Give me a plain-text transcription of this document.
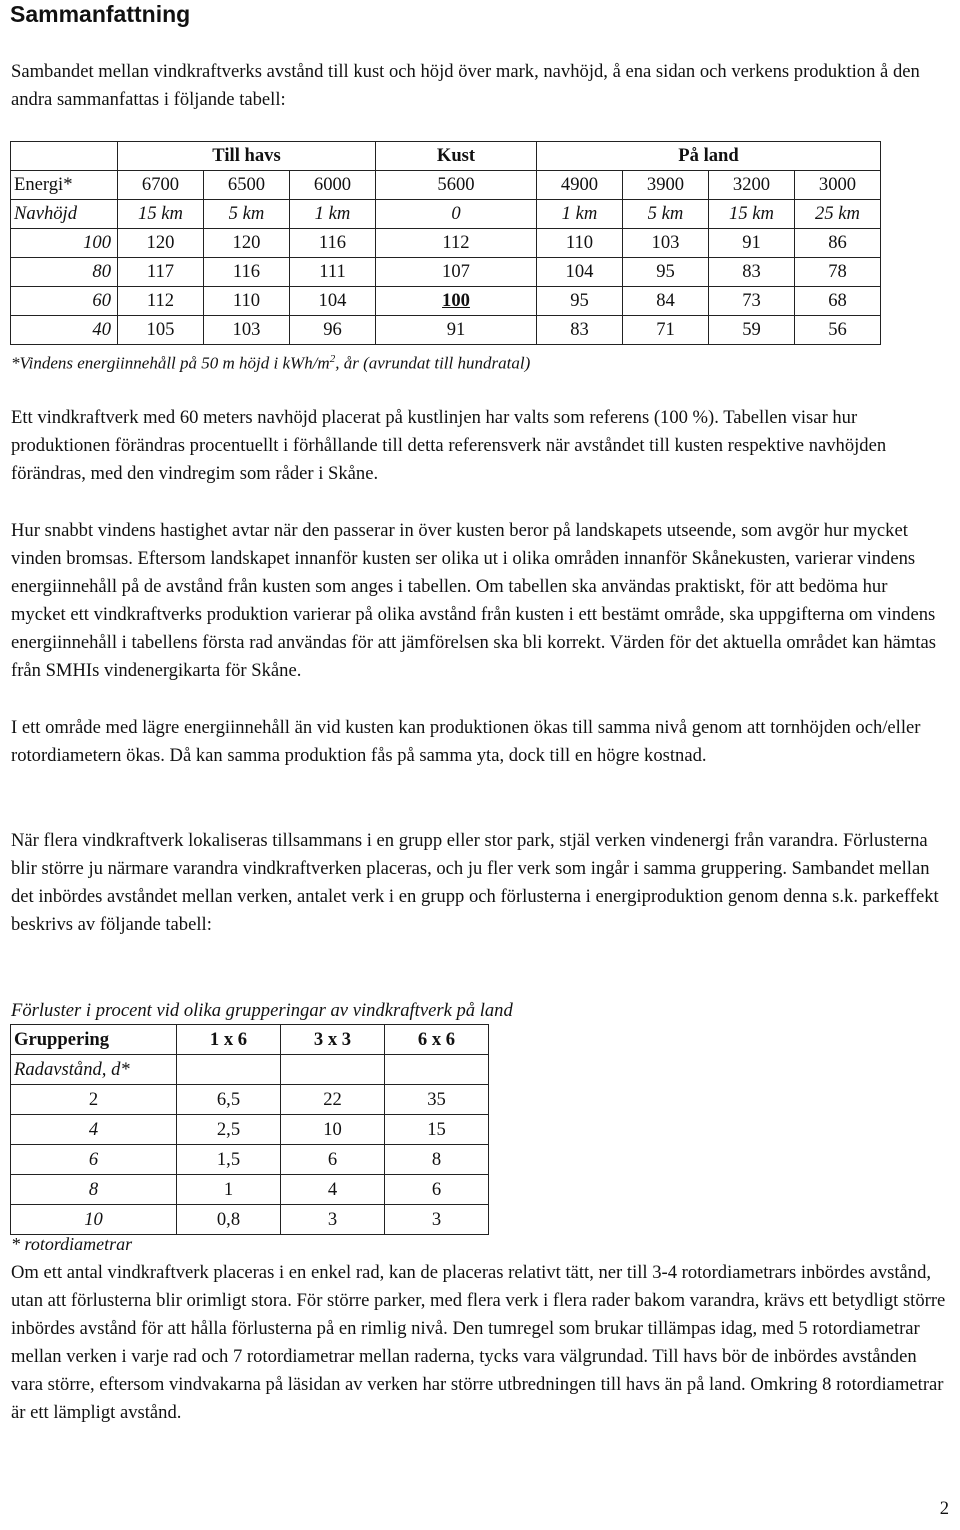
Sammanfattning

Sambandet mellan vindkraftverks avstånd till kust och höjd över mark, navhöjd, å ena sidan och verkens produktion å den andra sammanfattas i följande tabell:

	Till havs			Kust	På land			
Energi*	6700	6500	6000	5600	4900	3900	3200	3000
Navhöjd	15 km	5 km	1 km	0	1 km	5 km	15 km	25 km
100	120	120	116	112	110	103	91	86
80	117	116	111	107	104	95	83	78
60	112	110	104	100	95	84	73	68
40	105	103	96	91	83	71	59	56
*Vindens energiinnehåll på 50 m höjd i kWh/$m^2$, år (avrundat till hundratal)

Ett vindkraftverk med 60 meters navhöjd placerat på kustlinjen har valts som referens (100 %). Tabellen visar hur produktionen förändras procentuellt i förhållande till detta referensverk när avståndet till kusten respektive navhöjden förändras, med den vindregim som råder i Skåne.

Hur snabbt vindens hastighet avtar när den passerar in över kusten beror på landskapets utseende, som avgör hur mycket vinden bromsas. Eftersom landskapet innanför kusten ser olika ut i olika områden innanför Skånekusten, varierar vindens energiinnehåll på de avstånd från kusten som anges i tabellen. Om tabellen ska användas praktiskt, för att bedöma hur mycket ett vindkraftverks produktion varierar på olika avstånd från kusten i ett bestämt område, ska uppgifterna om vindens energiinnehåll i tabellens första rad användas för att jämförelsen ska bli korrekt. Värden för det aktuella området kan hämtas från SMHIs vindenergikarta för Skåne.

I ett område med lägre energiinnehåll än vid kusten kan produktionen ökas till samma nivå genom att tornhöjden och/eller rotordiametern ökas. Då kan samma produktion fås på samma yta, dock till en högre kostnad.

När flera vindkraftverk lokaliseras tillsammans i en grupp eller stor park, stjäl verken vindenergi från varandra. Förlusterna blir större ju närmare varandra vindkraftverken placeras, och ju fler verk som ingår i samma gruppering. Sambandet mellan det inbördes avståndet mellan verken, antalet verk i en grupp och förlusterna i energiproduktion genom denna s.k. parkeffekt beskrivs av följande tabell:

Förluster i procent vid olika grupperingar av vindkraftverk på land
Gruppering	1 x 6	3 x 3	6 x 6
Radavstånd, d*			
2	6,5	22	35
4	2,5	10	15
6	1,5	6	8
8	1	4	6
10	0,8	3	3
* rotordiametrar

Om ett antal vindkraftverk placeras i en enkel rad, kan de placeras relativt tätt, ner till 3-4 rotordiametrars inbördes avstånd, utan att förlusterna blir orimligt stora. För större parker, med flera verk i flera rader bakom varandra, krävs ett betydligt större inbördes avstånd för att hålla förlusterna på en rimlig nivå. Den tumregel som brukar tillämpas idag, med 5 rotordiametrar mellan verken i varje rad och 7 rotordiametrar mellan raderna, tycks vara välgrundad. Till havs bör de inbördes avstånden vara större, eftersom vindvakarna på läsidan av verken har större utbredningen till havs än på land. Omkring 8 rotordiametrar är ett lämpligt avstånd.

2
